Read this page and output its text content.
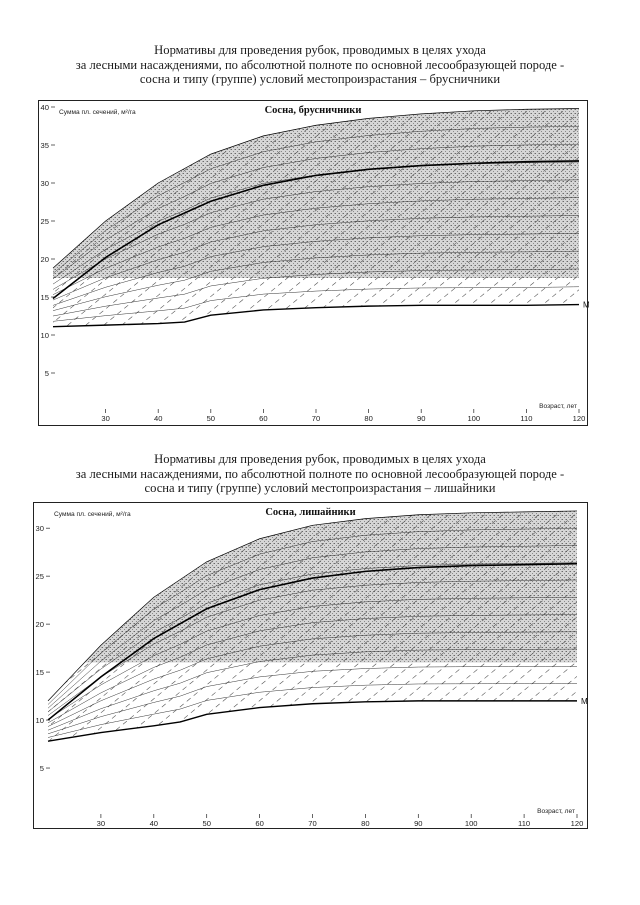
Нормативы для проведения рубок, проводимых в целях ухода
за лесными насаждениями, по абсолютной полноте по основной лесообразующей породе -
сосна и типу (группе) условий местопроизрастания – брусничники
М
5
10
15
20
25
30
35
40
30	40	50	60	70	80	90	100	110	120
Сосна, брусничники
Сумма пл. сечений, м²/га
Возраст, лет
Нормативы для проведения рубок, проводимых в целях ухода
за лесными насаждениями, по абсолютной полноте по основной лесообразующей породе -
сосна и типу (группе) условий местопроизрастания – лишайники
М
5
10
15
20
25
30
30	40	50	60	70	80	90	100	110	120
Сосна, лишайники
Сумма пл. сечений, м²/га
Возраст, лет
